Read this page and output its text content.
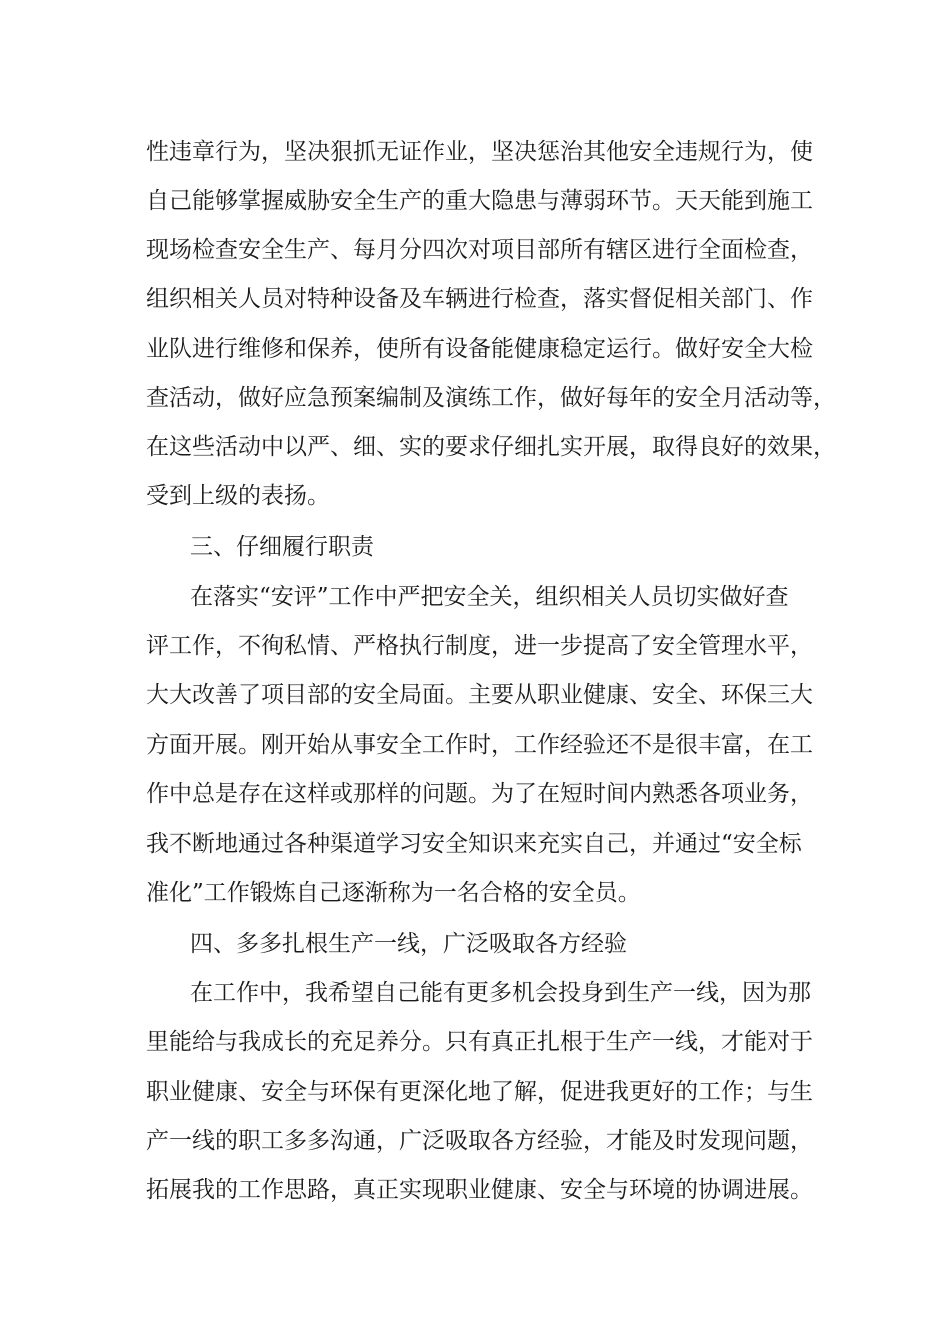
性违章行为，坚决狠抓无证作业，坚决惩治其他安全违规行为，使
自己能够掌握威胁安全生产的重大隐患与薄弱环节。天天能到施工
现场检查安全生产、每月分四次对项目部所有辖区进行全面检查，
组织相关人员对特种设备及车辆进行检查，落实督促相关部门、作
业队进行维修和保养，使所有设备能健康稳定运行。做好安全大检
查活动，做好应急预案编制及演练工作，做好每年的安全月活动等，
在这些活动中以严、细、实的要求仔细扎实开展，取得良好的效果，
受到上级的表扬。
三、仔细履行职责
在落实“安评”工作中严把安全关，组织相关人员切实做好查
评工作，不徇私情、严格执行制度，进一步提高了安全管理水平，
大大改善了项目部的安全局面。主要从职业健康、安全、环保三大
方面开展。刚开始从事安全工作时，工作经验还不是很丰富，在工
作中总是存在这样或那样的问题。为了在短时间内熟悉各项业务，
我不断地通过各种渠道学习安全知识来充实自己，并通过“安全标
准化”工作锻炼自己逐渐称为一名合格的安全员。
四、多多扎根生产一线，广泛吸取各方经验
在工作中，我希望自己能有更多机会投身到生产一线，因为那
里能给与我成长的充足养分。只有真正扎根于生产一线，才能对于
职业健康、安全与环保有更深化地了解，促进我更好的工作；与生
产一线的职工多多沟通，广泛吸取各方经验，才能及时发现问题，
拓展我的工作思路，真正实现职业健康、安全与环境的协调进展。
